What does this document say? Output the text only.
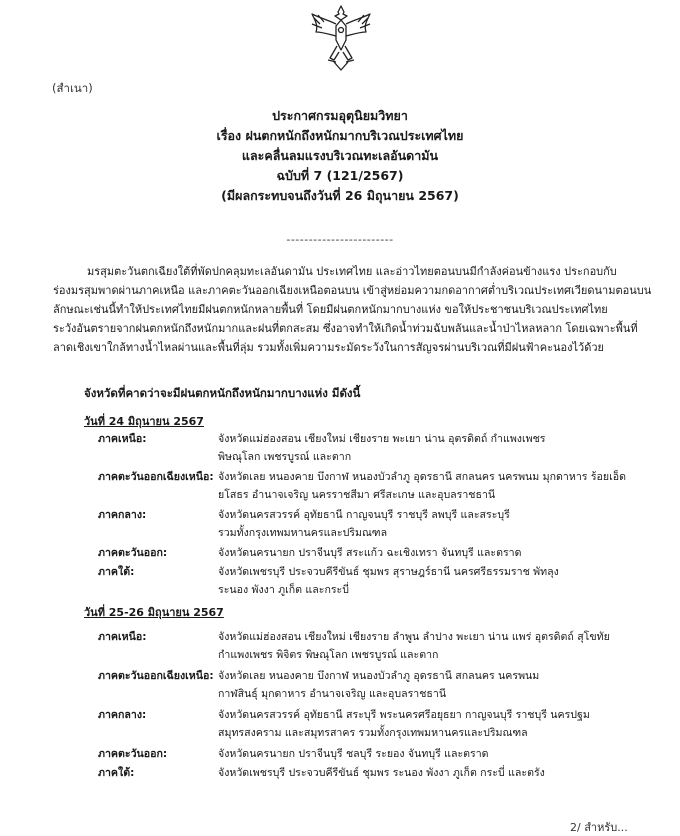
(สำเนา)
ประกาศกรมอุตุนิยมวิทยา
เรื่อง ฝนตกหนักถึงหนักมากบริเวณประเทศไทย
และคลื่นลมแรงบริเวณทะเลอันดามัน
ฉบับที่ 7 (121/2567)
(มีผลกระทบจนถึงวันที่ 26 มิถุนายน 2567)
------------------------
มรสุมตะวันตกเฉียงใต้ที่พัดปกคลุมทะเลอันดามัน ประเทศไทย และอ่าวไทยตอนบนมีกำลังค่อนข้างแรง ประกอบกับ
ร่องมรสุมพาดผ่านภาคเหนือ และภาคตะวันออกเฉียงเหนือตอนบน เข้าสู่หย่อมความกดอากาศต่ำบริเวณประเทศเวียดนามตอนบน
ลักษณะเช่นนี้ทำให้ประเทศไทยมีฝนตกหนักหลายพื้นที่ โดยมีฝนตกหนักมากบางแห่ง ขอให้ประชาชนบริเวณประเทศไทย
ระวังอันตรายจากฝนตกหนักถึงหนักมากและฝนที่ตกสะสม ซึ่งอาจทำให้เกิดน้ำท่วมฉับพลันและน้ำป่าไหลหลาก โดยเฉพาะพื้นที่
ลาดเชิงเขาใกล้ทางน้ำไหลผ่านและพื้นที่ลุ่ม รวมทั้งเพิ่มความระมัดระวังในการสัญจรผ่านบริเวณที่มีฝนฟ้าคะนองไว้ด้วย
จังหวัดที่คาดว่าจะมีฝนตกหนักถึงหนักมากบางแห่ง มีดังนี้
วันที่ 24 มิถุนายน 2567
ภาคเหนือ:	จังหวัดแม่ฮ่องสอน เชียงใหม่ เชียงราย พะเยา น่าน อุตรดิตถ์ กำแพงเพชร
พิษณุโลก เพชรบูรณ์ และตาก
ภาคตะวันออกเฉียงเหนือ: จังหวัดเลย หนองคาย บึงกาฬ หนองบัวลำภู อุดรธานี สกลนคร นครพนม มุกดาหาร ร้อยเอ็ด
ยโสธร อำนาจเจริญ นครราชสีมา ศรีสะเกษ และอุบลราชธานี
ภาคกลาง:	จังหวัดนครสวรรค์ อุทัยธานี กาญจนบุรี ราชบุรี ลพบุรี และสระบุรี
รวมทั้งกรุงเทพมหานครและปริมณฑล
ภาคตะวันออก:	จังหวัดนครนายก ปราจีนบุรี สระแก้ว ฉะเชิงเทรา จันทบุรี และตราด
ภาคใต้:	จังหวัดเพชรบุรี ประจวบคีรีขันธ์ ชุมพร สุราษฎร์ธานี นครศรีธรรมราช พัทลุง
ระนอง พังงา ภูเก็ต และกระบี่
วันที่ 25-26 มิถุนายน 2567
ภาคเหนือ:	จังหวัดแม่ฮ่องสอน เชียงใหม่ เชียงราย ลำพูน ลำปาง พะเยา น่าน แพร่ อุตรดิตถ์ สุโขทัย
กำแพงเพชร พิจิตร พิษณุโลก เพชรบูรณ์ และตาก
ภาคตะวันออกเฉียงเหนือ: จังหวัดเลย หนองคาย บึงกาฬ หนองบัวลำภู อุดรธานี สกลนคร นครพนม
กาฬสินธุ์ มุกดาหาร อำนาจเจริญ และอุบลราชธานี
ภาคกลาง:	จังหวัดนครสวรรค์ อุทัยธานี สระบุรี พระนครศรีอยุธยา กาญจนบุรี ราชบุรี นครปฐม
สมุทรสงคราม และสมุทรสาคร รวมทั้งกรุงเทพมหานครและปริมณฑล
ภาคตะวันออก:	จังหวัดนครนายก ปราจีนบุรี ชลบุรี ระยอง จันทบุรี และตราด
ภาคใต้:	จังหวัดเพชรบุรี ประจวบคีรีขันธ์ ชุมพร ระนอง พังงา ภูเก็ต กระบี่ และตรัง
2/ สำหรับ...
